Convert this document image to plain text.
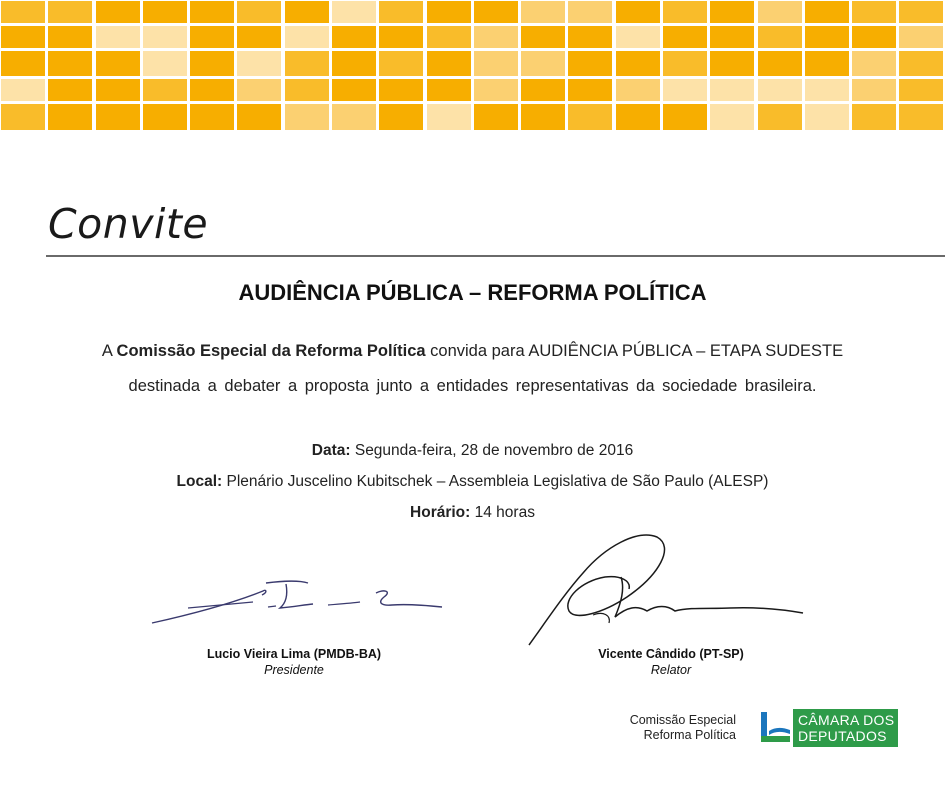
Convite
AUDIÊNCIA PÚBLICA – REFORMA POLÍTICA
A Comissão Especial da Reforma Política convida para AUDIÊNCIA PÚBLICA – ETAPA SUDESTE
destinada a debater a proposta junto a entidades representativas da sociedade brasileira.
Data: Segunda-feira, 28 de novembro de 2016
Local: Plenário Juscelino Kubitschek – Assembleia Legislativa de São Paulo (ALESP)
Horário: 14 horas
Lucio Vieira Lima (PMDB-BA)
Presidente
Vicente Cândido (PT-SP)
Relator
Comissão Especial
Reforma Política
CÂMARA DOS
DEPUTADOS
